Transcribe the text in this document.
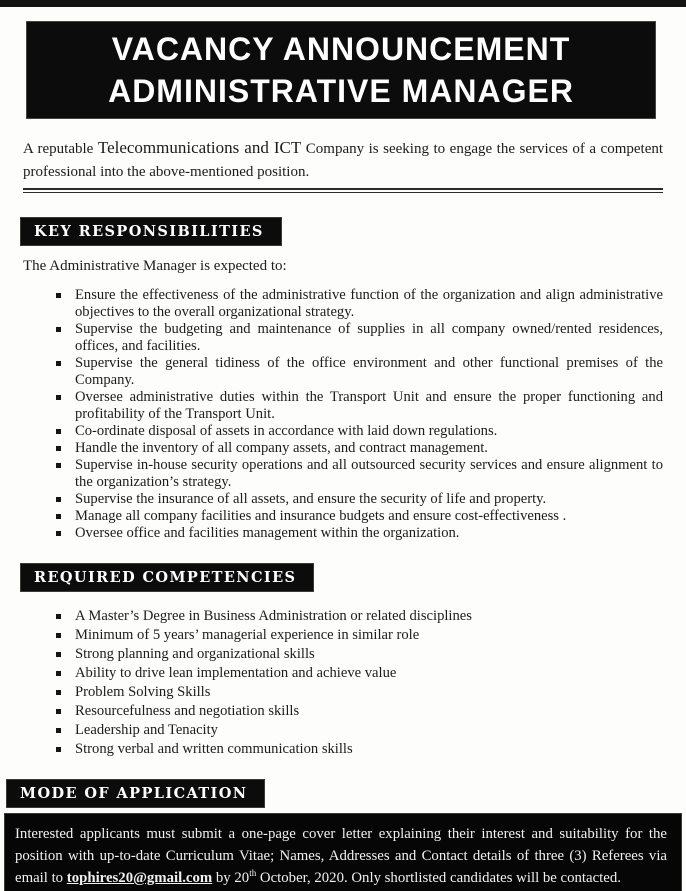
VACANCY ANNOUNCEMENT
ADMINISTRATIVE MANAGER

A reputable Telecommunications and ICT Company is seeking to engage the services of a competent professional into the above-mentioned position.

KEY RESPONSIBILITIES

The Administrative Manager is expected to:

Ensure the effectiveness of the administrative function of the organization and align administrative objectives to the overall organizational strategy.
Supervise the budgeting and maintenance of supplies in all company owned/rented residences, offices, and facilities.
Supervise the general tidiness of the office environment and other functional premises of the Company.
Oversee administrative duties within the Transport Unit and ensure the proper functioning and profitability of the Transport Unit.
Co-ordinate disposal of assets in accordance with laid down regulations.
Handle the inventory of all company assets, and contract management.
Supervise in-house security operations and all outsourced security services and ensure alignment to the organization’s strategy.
Supervise the insurance of all assets, and ensure the security of life and property.
Manage all company facilities and insurance budgets and ensure cost-effectiveness .
Oversee office and facilities management within the organization.
REQUIRED COMPETENCIES
A Master’s Degree in Business Administration or related disciplines
Minimum of 5 years’ managerial experience in similar role
Strong planning and organizational skills
Ability to drive lean implementation and achieve value
Problem Solving Skills
Resourcefulness and negotiation skills
Leadership and Tenacity
Strong verbal and written communication skills
MODE OF APPLICATION

Interested applicants must submit a one-page cover letter explaining their interest and suitability for the position with up-to-date Curriculum Vitae; Names, Addresses and Contact details of three (3) Referees via email to tophires20@gmail.com by 20th October, 2020. Only shortlisted candidates will be contacted.
